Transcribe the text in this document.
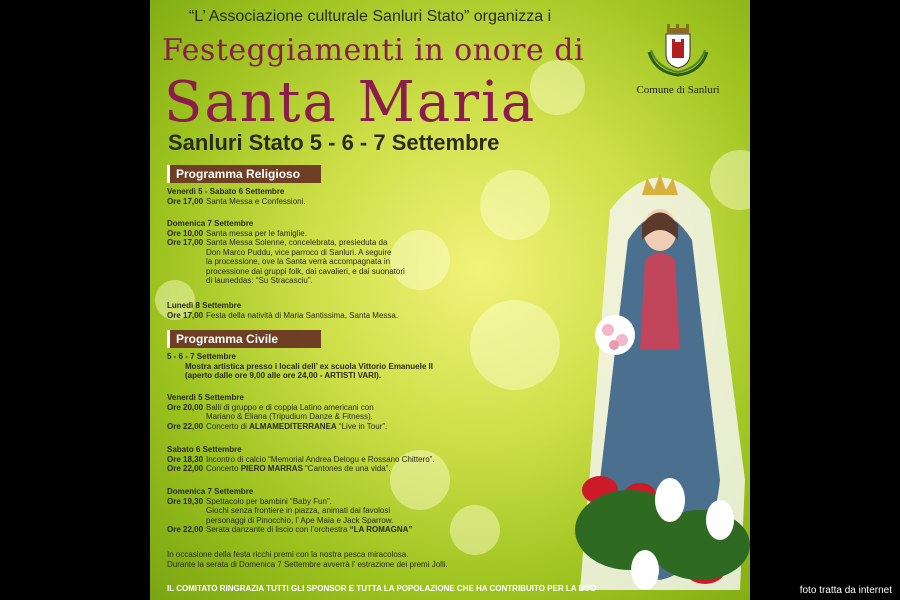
“L’ Associazione culturale Sanluri Stato” organizza i
Festeggiamenti in onore di
Santa Maria
Sanluri Stato 5 - 6 - 7 Settembre
Comune di Sanluri
Programma Religioso
Venerdì 5 - Sabato 6 Settembre
Ore 17,00 Santa Messa e Confessioni.
Domenica 7 Settembre
Ore 10,00 Santa messa per le famiglie.
Ore 17,00 Santa Messa Solenne, concelebrata, presieduta da
Don Marco Puddu, vice parroco di Sanluri. A seguire
la processione, ove la Santa verrà accompagnata in
processione dai gruppi folk, dai cavalieri, e dai suonatori
di launeddas: “Su Stracasciu”.
Lunedì 8 Settembre
Ore 17,00 Festa della natività di Maria Santissima, Santa Messa.
Programma Civile
5 - 6 - 7 Settembre
Mostra artistica presso i locali dell’ ex scuola Vittorio Emanuele II
(aperto dalle ore 9,00 alle ore 24,00 - ARTISTI VARI).
Venerdì 5 Settembre
Ore 20,00 Balli di gruppo e di coppia Latino americani con
Mariano & Eliana (Tripudium Danze & Fitness).
Ore 22,00 Concerto di ALMAMEDITERRANEA “Live in Tour”.
Sabato 6 Settembre
Ore 18,30 Incontro di calcio “Memorial Andrea Delogu e Rossano Chittero”.
Ore 22,00 Concerto PIERO MARRAS “Cantones de una vida”.
Domenica 7 Settembre
Ore 19,30 Spettacolo per bambini “Baby Fun”.
Giochi senza frontiere in piazza, animati dai favolosi
personaggi di Pinocchio, l’ Ape Maia e Jack Sparrow.
Ore 22,00 Serata danzante di liscio con l’orchestra “LA ROMAGNA”
In occasione della festa ricchi premi con la nostra pesca miracolosa.
Durante la serata di Domenica 7 Settembre avverrà l’ estrazione dei premi Jolli.
IL COMITATO RINGRAZIA TUTTI GLI SPONSOR E TUTTA LA POPOLAZIONE CHE HA CONTRIBUITO PER LA BUO	foto tratta da internet
